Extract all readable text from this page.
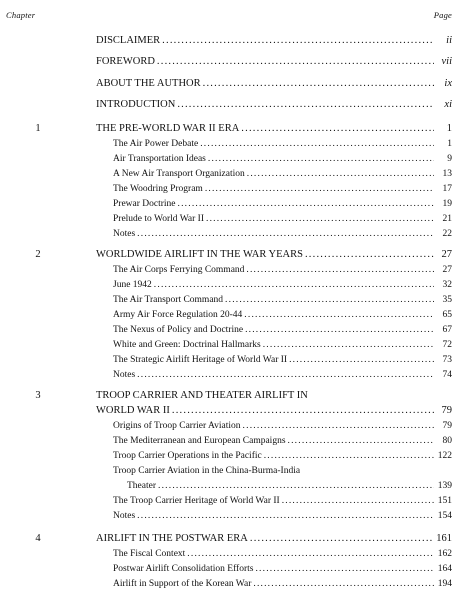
Chapter	Page
DISCLAIMER .....	ii
FOREWORD .....	vii
ABOUT THE AUTHOR .....	ix
INTRODUCTION .....	xi
1	THE PRE-WORLD WAR II ERA .....	1
The Air Power Debate .....	1
Air Transportation Ideas .....	9
A New Air Transport Organization .....	13
The Woodring Program .....	17
Prewar Doctrine .....	19
Prelude to World War II .....	21
Notes .....	22
2	WORLDWIDE AIRLIFT IN THE WAR YEARS .....	27
The Air Corps Ferrying Command .....	27
June 1942 .....	32
The Air Transport Command .....	35
Army Air Force Regulation 20-44 .....	65
The Nexus of Policy and Doctrine .....	67
White and Green: Doctrinal Hallmarks .....	72
The Strategic Airlift Heritage of World War II .....	73
Notes .....	74
3	TROOP CARRIER AND THEATER AIRLIFT IN
WORLD WAR II .....	79
Origins of Troop Carrier Aviation .....	79
The Mediterranean and European Campaigns .....	80
Troop Carrier Operations in the Pacific .....	122
Troop Carrier Aviation in the China-Burma-India
Theater .....	139
The Troop Carrier Heritage of World War II .....	151
Notes .....	154
4	AIRLIFT IN THE POSTWAR ERA .....	161
The Fiscal Context .....	162
Postwar Airlift Consolidation Efforts .....	164
Airlift in Support of the Korean War .....	194
